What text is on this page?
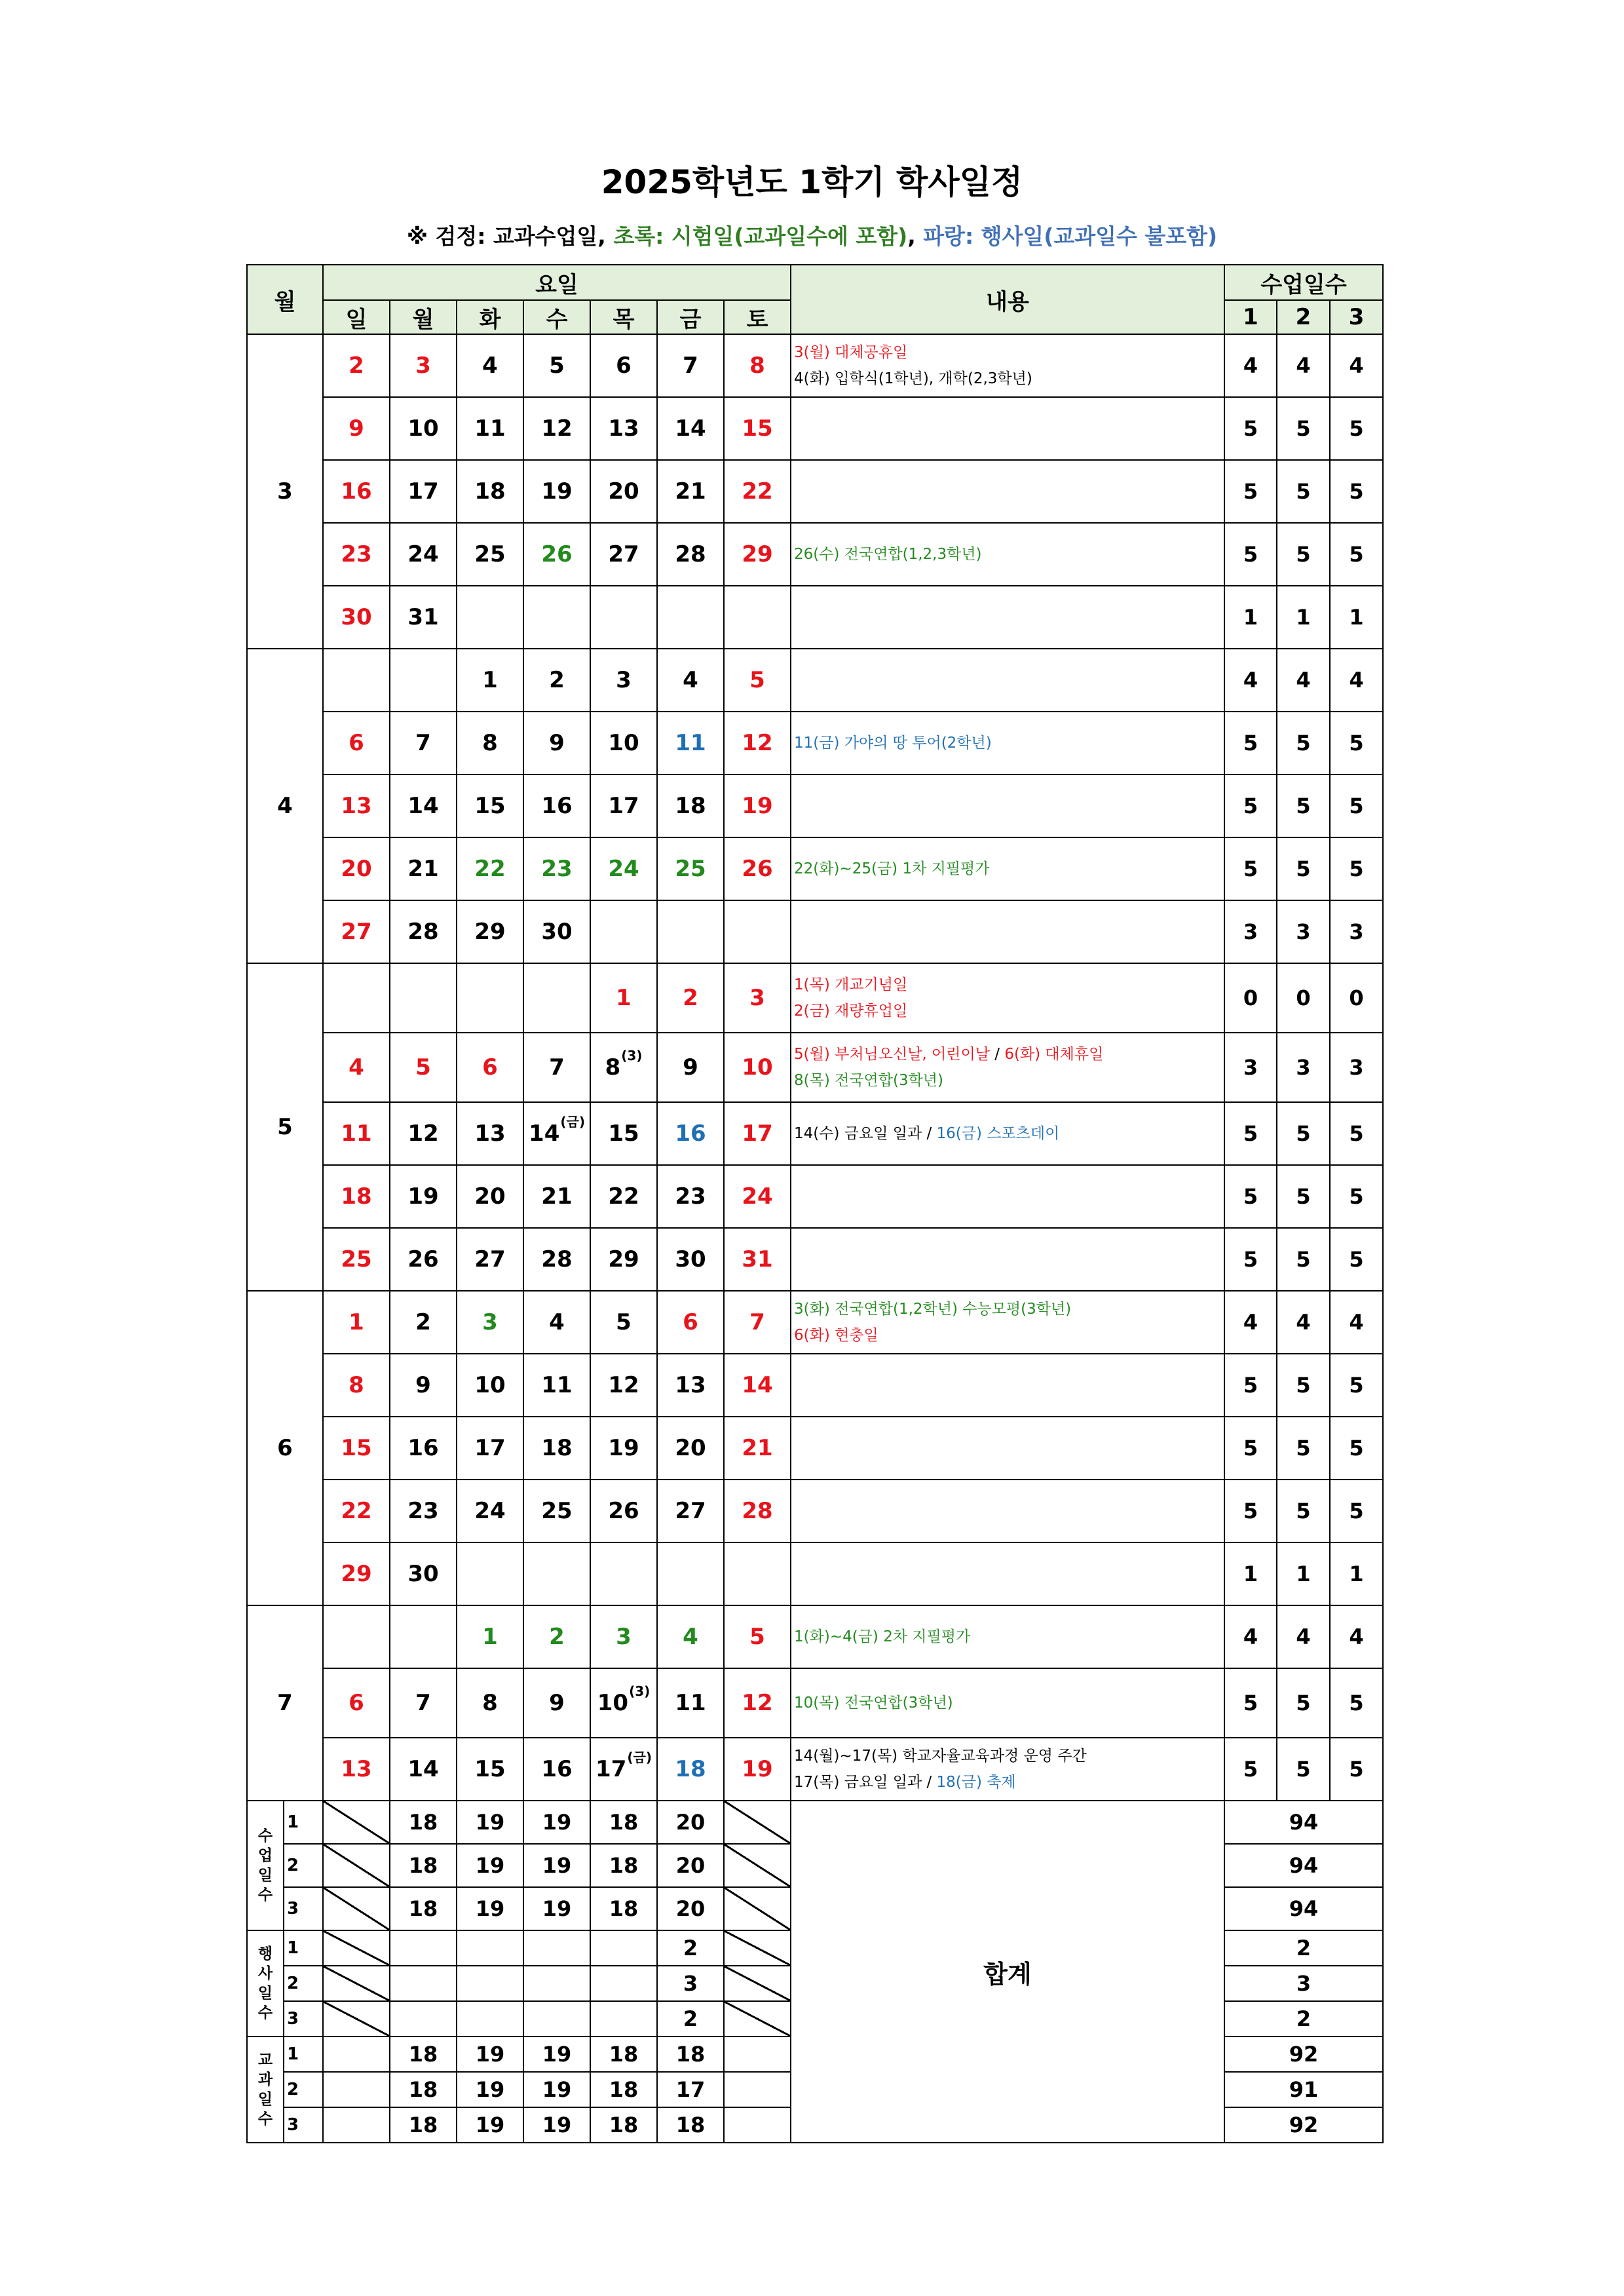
2025학년도 1학기 학사일정
※ 검정: 교과수업일, 초록: 시험일(교과일수에 포함), 파랑: 행사일(교과일수 불포함)
월		요일							내용	수업일수		
		일	월	화	수	목	금	토		1	2	3
3		2	3	4	5	6	7	8	3(월) 대체공휴일
4(화) 입학식(1학년), 개학(2,3학년)	4	4	4
		9	10	11	12	13	14	15		5	5	5
		16	17	18	19	20	21	22		5	5	5
		23	24	25	26	27	28	29	26(수) 전국연합(1,2,3학년)	5	5	5
		30	31							1	1	1
4				1	2	3	4	5		4	4	4
		6	7	8	9	10	11	12	11(금) 가야의 땅 투어(2학년)	5	5	5
		13	14	15	16	17	18	19		5	5	5
		20	21	22	23	24	25	26	22(화)~25(금) 1차 지필평가	5	5	5
		27	28	29	30					3	3	3
5						1	2	3	1(목) 개교기념일
2(금) 재량휴업일	0	0	0
		4	5	6	7	8$^{(3)}$	9	10	5(월) 부처님오신날, 어린이날 / 6(화) 대체휴일
8(목) 전국연합(3학년)	3	3	3
		11	12	13	$14^{(금)}$	15	16	17	14(수) 금요일 일과 / 16(금) 스포츠데이	5	5	5
		18	19	20	21	22	23	24		5	5	5
		25	26	27	28	29	30	31		5	5	5
6		1	2	3	4	5	6	7	3(화) 전국연합(1,2학년) 수능모평(3학년)
6(화) 현충일	4	4	4
		8	9	10	11	12	13	14		5	5	5
		15	16	17	18	19	20	21		5	5	5
		22	23	24	25	26	27	28		5	5	5
		29	30							1	1	1
7				1	2	3	4	5	1(화)~4(금) 2차 지필평가	4	4	4
		6	7	8	9	10$^{(3)}$	11	12	10(목) 전국연합(3학년)	5	5	5
		13	14	15	16	$17^{(금)}$	18	19	14(월)~17(목) 학교자율교육과정 운영 주간
17(목) 금요일 일과 / 18(금) 축제	5	5	5

수
업
일
수	1		18	19	19	18	20		합계	94		
	2		18	19	19	18	20			94		
	3		18	19	19	18	20			94		

행
사
일
수	1						2			2		
	2						3			3		
	3						2			2		

교
과
일
수	1		18	19	19	18	18			92		
	2		18	19	19	18	17			91		
	3		18	19	19	18	18			92		
